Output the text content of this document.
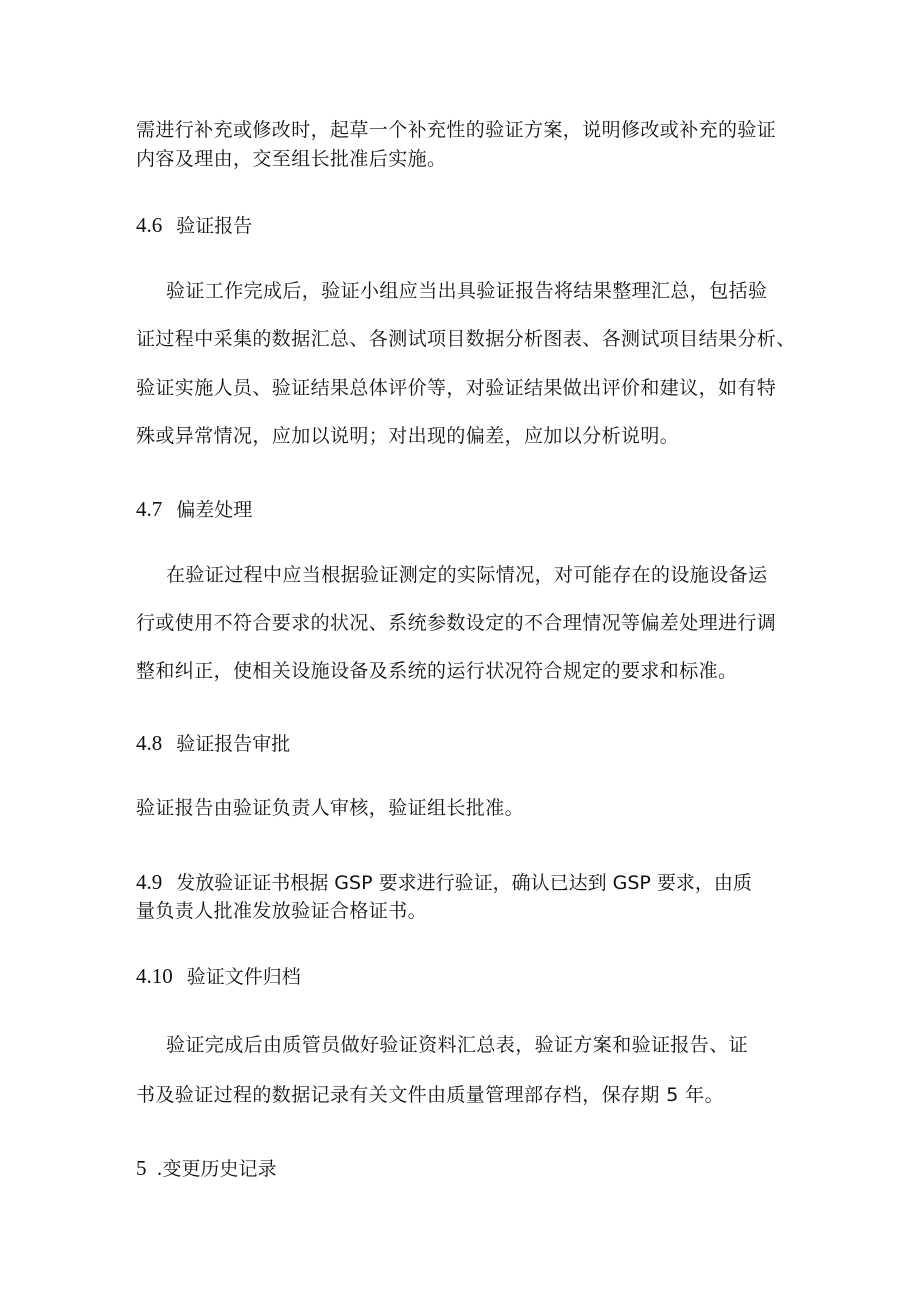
需进行补充或修改时，起草一个补充性的验证方案，说明修改或补充的验证
内容及理由，交至组长批准后实施。
4.6 验证报告
验证工作完成后，验证小组应当出具验证报告将结果整理汇总，包括验
证过程中采集的数据汇总、各测试项目数据分析图表、各测试项目结果分析、
验证实施人员、验证结果总体评价等，对验证结果做出评价和建议，如有特
殊或异常情况，应加以说明；对出现的偏差，应加以分析说明。
4.7 偏差处理
在验证过程中应当根据验证测定的实际情况，对可能存在的设施设备运
行或使用不符合要求的状况、系统参数设定的不合理情况等偏差处理进行调
整和纠正，使相关设施设备及系统的运行状况符合规定的要求和标准。
4.8 验证报告审批
验证报告由验证负责人审核，验证组长批准。
4.9 发放验证证书根据 GSP 要求进行验证，确认已达到 GSP 要求，由质
量负责人批准发放验证合格证书。
4.10 验证文件归档
验证完成后由质管员做好验证资料汇总表，验证方案和验证报告、证
书及验证过程的数据记录有关文件由质量管理部存档，保存期 5 年。
5 .变更历史记录
